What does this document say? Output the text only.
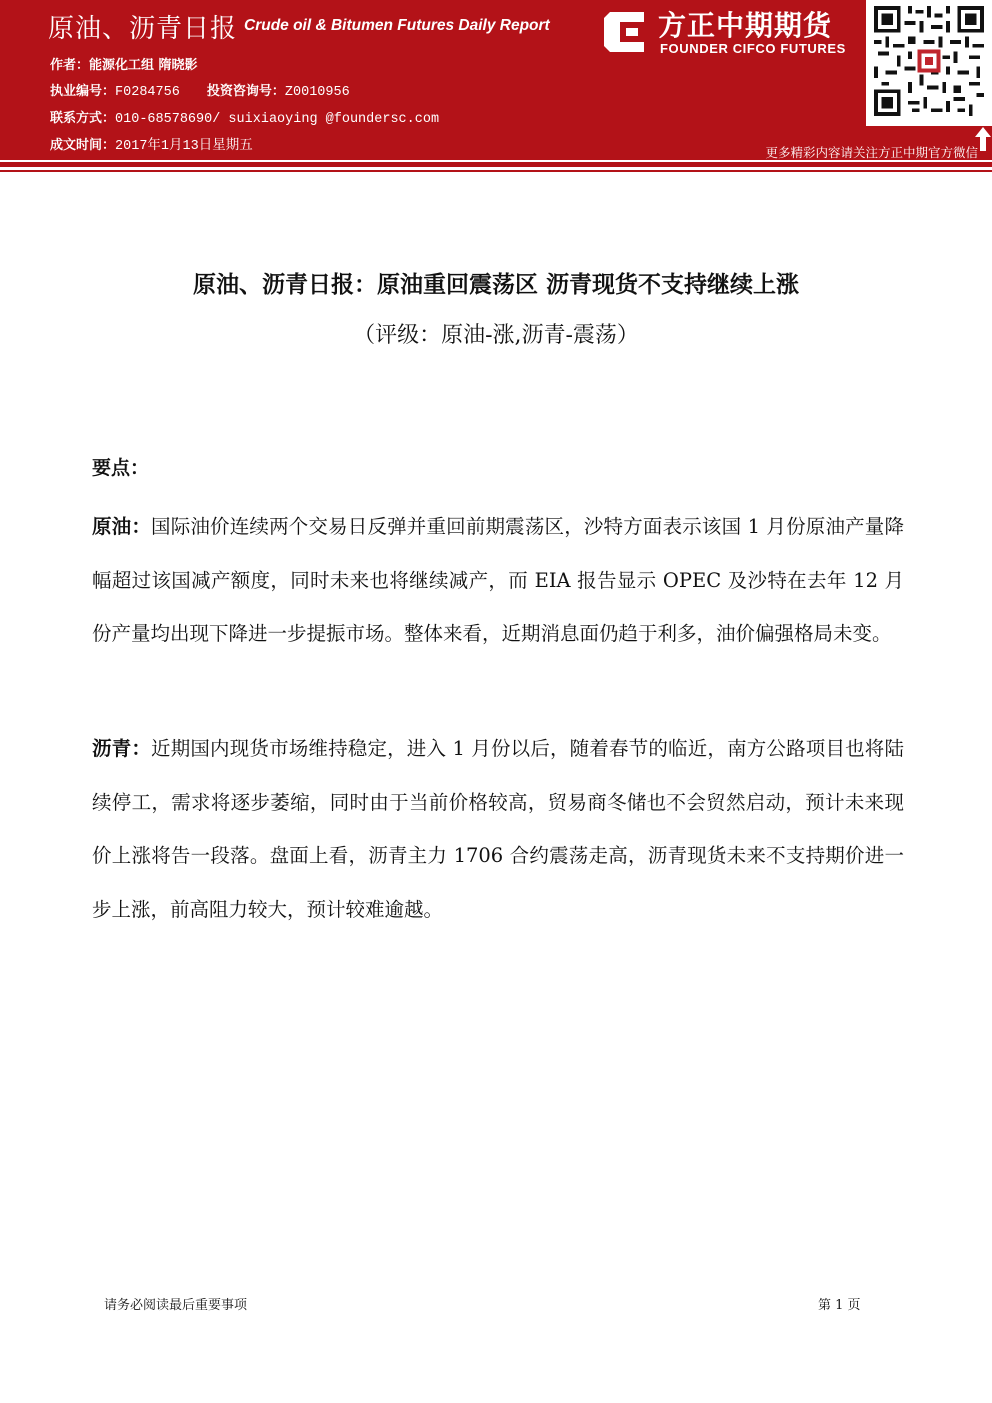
原油、沥青日报 Crude oil & Bitumen Futures Daily Report
作者：能源化工组 隋晓影
执业编号：F0284756 投资咨询号：Z0010956
联系方式：010-68578690/ suixiaoying @foundersc.com
成文时间：2017年1月13日星期五
方正中期期货
FOUNDER CIFCO FUTURES
更多精彩内容请关注方正中期官方微信
原油、沥青日报：原油重回震荡区 沥青现货不支持继续上涨
（评级：原油-涨,沥青-震荡）
要点：
原油：国际油价连续两个交易日反弹并重回前期震荡区，沙特方面表示该国 1 月份原油产量降幅超过该国减产额度，同时未来也将继续减产，而 EIA 报告显示 OPEC 及沙特在去年 12 月份产量均出现下降进一步提振市场。整体来看，近期消息面仍趋于利多，油价偏强格局未变。
沥青：近期国内现货市场维持稳定，进入 1 月份以后，随着春节的临近，南方公路项目也将陆续停工，需求将逐步萎缩，同时由于当前价格较高，贸易商冬储也不会贸然启动，预计未来现价上涨将告一段落。盘面上看，沥青主力 1706 合约震荡走高，沥青现货未来不支持期价进一步上涨，前高阻力较大，预计较难逾越。
请务必阅读最后重要事项	第 1 页
